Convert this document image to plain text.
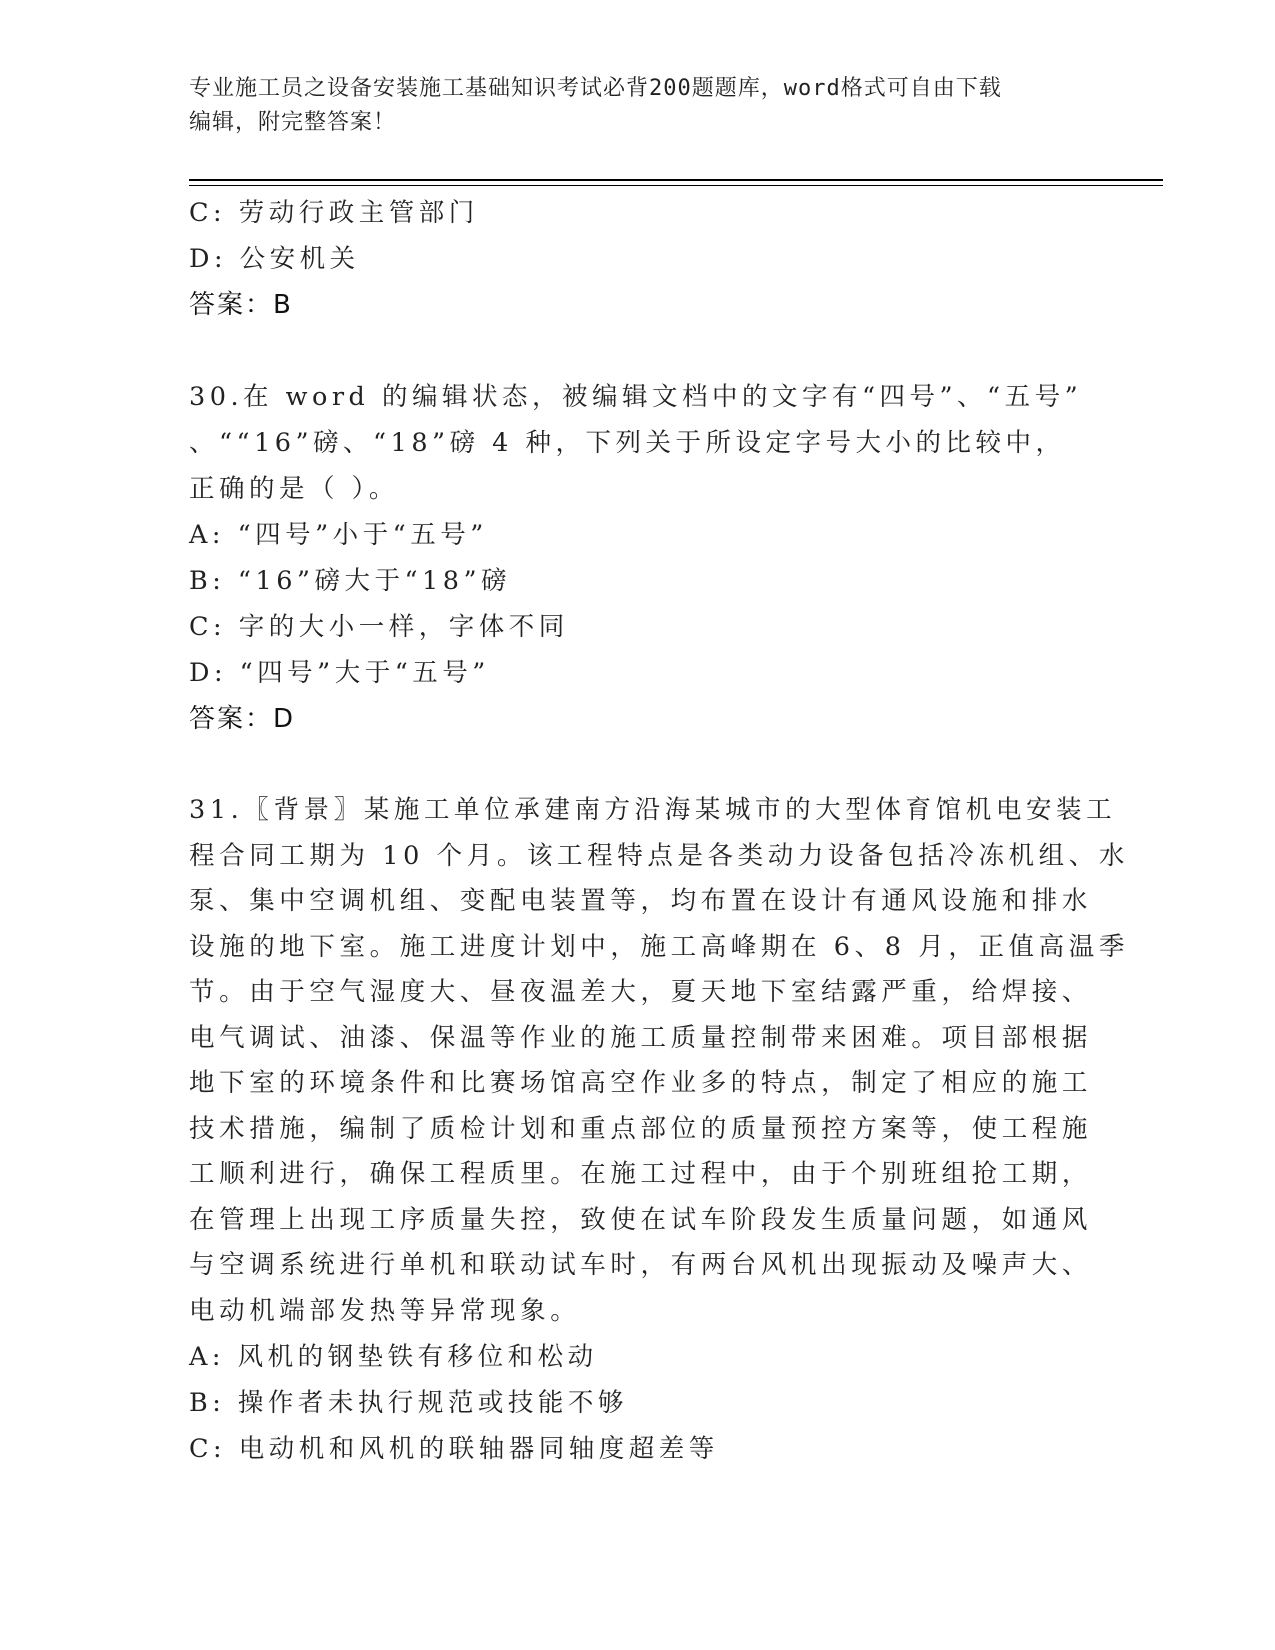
专业施工员之设备安装施工基础知识考试必背200题题库，word格式可自由下载
编辑，附完整答案！
C: 劳动行政主管部门
D: 公安机关
答案：B
30.在 word 的编辑状态，被编辑文档中的文字有“四号”、“五号”
、““16”磅、“18”磅 4 种，下列关于所设定字号大小的比较中，
正确的是（ ）。
A: “四号”小于“五号”
B: “16”磅大于“18”磅
C: 字的大小一样，字体不同
D: “四号”大于“五号”
答案：D
31.〖背景〗某施工单位承建南方沿海某城市的大型体育馆机电安装工
程合同工期为 10 个月。该工程特点是各类动力设备包括冷冻机组、水
泵、集中空调机组、变配电装置等，均布置在设计有通风设施和排水
设施的地下室。施工进度计划中，施工高峰期在 6、8 月，正值高温季
节。由于空气湿度大、昼夜温差大，夏天地下室结露严重，给焊接、
电气调试、油漆、保温等作业的施工质量控制带来困难。项目部根据
地下室的环境条件和比赛场馆高空作业多的特点，制定了相应的施工
技术措施，编制了质检计划和重点部位的质量预控方案等，使工程施
工顺利进行，确保工程质里。在施工过程中，由于个别班组抢工期，
在管理上出现工序质量失控，致使在试车阶段发生质量问题，如通风
与空调系统进行单机和联动试车时，有两台风机出现振动及噪声大、
电动机端部发热等异常现象。
A: 风机的钢垫铁有移位和松动
B: 操作者未执行规范或技能不够
C: 电动机和风机的联轴器同轴度超差等
